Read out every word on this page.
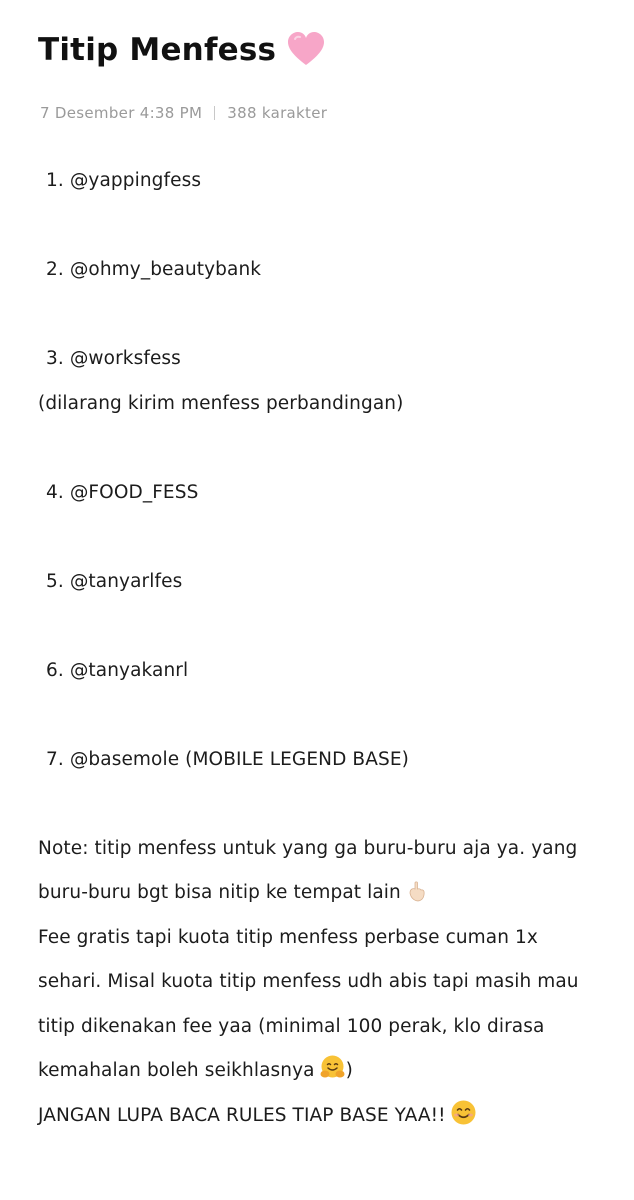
Titip Menfess
7 Desember 4:38 PM 388 karakter
1. @yappingfess
2. @ohmy_beautybank
3. @worksfess
(dilarang kirim menfess perbandingan)
4. @FOOD_FESS
5. @tanyarlfes
6. @tanyakanrl
7. @basemole (MOBILE LEGEND BASE)
Note: titip menfess untuk yang ga buru-buru aja ya. yang
buru-buru bgt bisa nitip ke tempat lain
Fee gratis tapi kuota titip menfess perbase cuman 1x
sehari. Misal kuota titip menfess udh abis tapi masih mau
titip dikenakan fee yaa (minimal 100 perak, klo dirasa
kemahalan boleh seikhlasnya )
JANGAN LUPA BACA RULES TIAP BASE YAA!!
